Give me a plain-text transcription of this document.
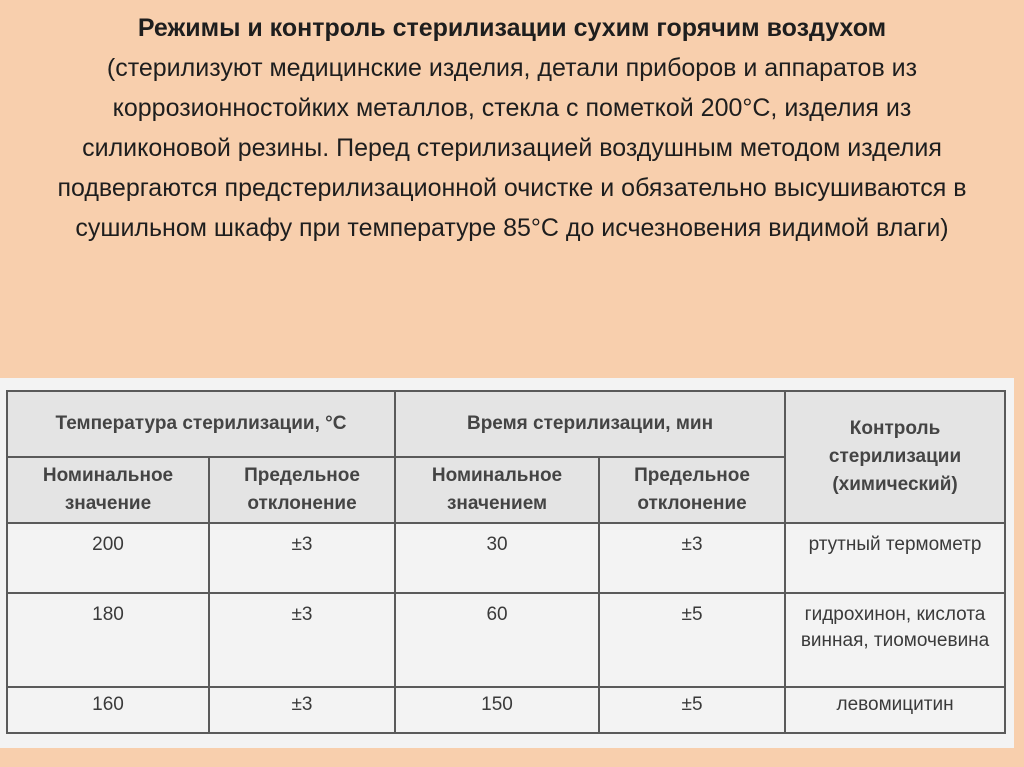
Режимы и контроль стерилизации сухим горячим воздухом
(стерилизуют медицинские изделия, детали приборов и аппаратов из коррозионностойких металлов, стекла с пометкой 200°С, изделия из силиконовой резины. Перед стерилизацией воздушным методом изделия подвергаются предстерилизационной очистке и обязательно высушиваются в сушильном шкафу при температуре 85°С до исчезновения видимой влаги)
Температура стерилизации, °С		Время стерилизации, мин		Контроль стерилизации (химический)
Номинальное значение	Предельное отклонение	Номинальное значением	Предельное отклонение	
200	±3	30	±3	ртутный термометр
180	±3	60	±5	гидрохинон, кислота винная, тиомочевина
160	±3	150	±5	левомицитин
